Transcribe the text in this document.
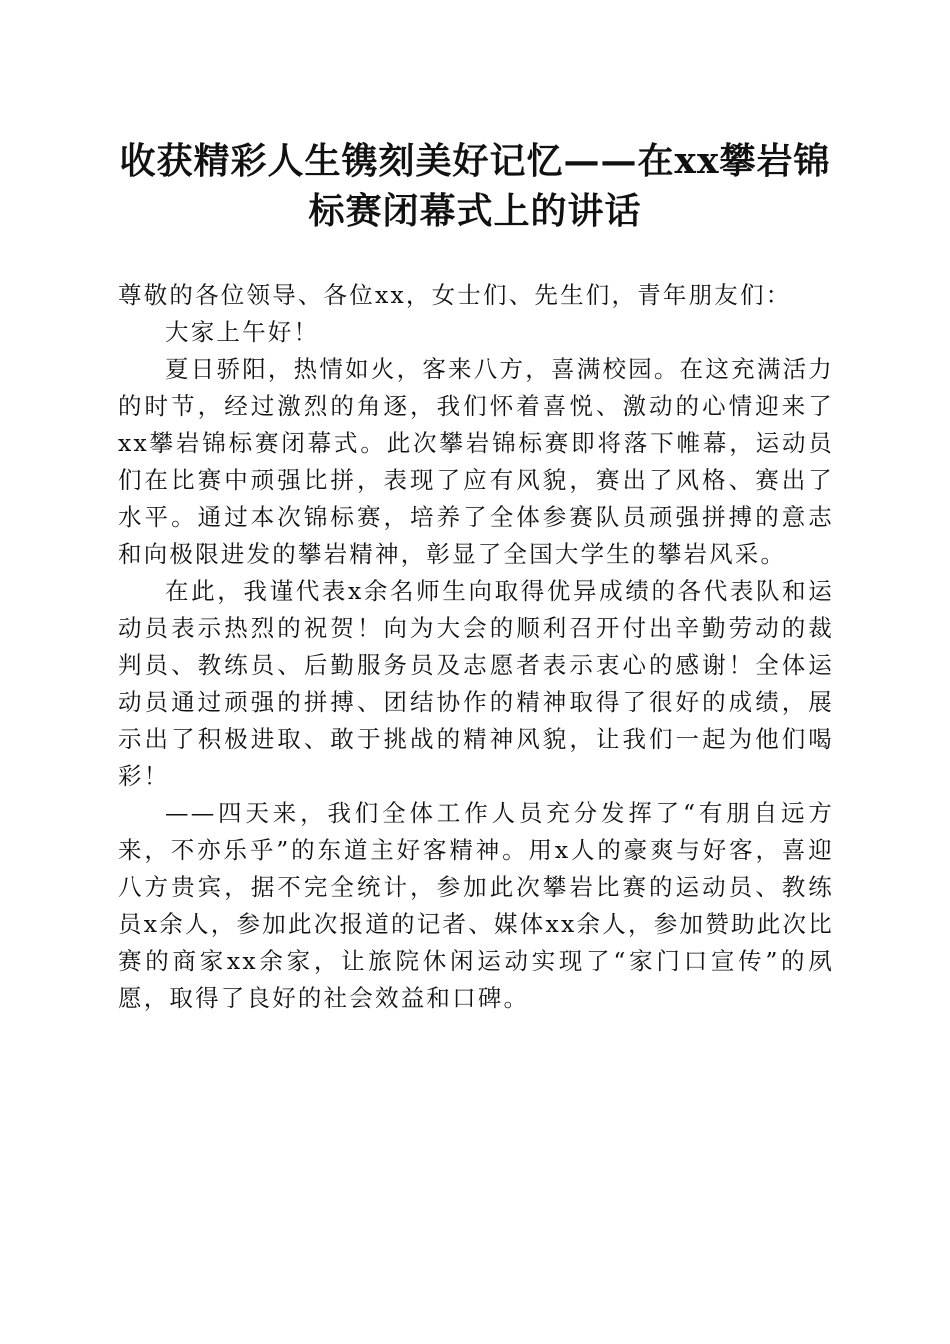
收获精彩人生镌刻美好记忆——在xx攀岩锦
标赛闭幕式上的讲话

尊敬的各位领导、各位xx，女士们、先生们，青年朋友们：

大家上午好！

夏日骄阳，热情如火，客来八方，喜满校园。在这充满活力的时节，经过激烈的角逐，我们怀着喜悦、激动的心情迎来了xx攀岩锦标赛闭幕式。此次攀岩锦标赛即将落下帷幕，运动员们在比赛中顽强比拼，表现了应有风貌，赛出了风格、赛出了水平。通过本次锦标赛，培养了全体参赛队员顽强拼搏的意志和向极限进发的攀岩精神，彰显了全国大学生的攀岩风采。

在此，我谨代表x余名师生向取得优异成绩的各代表队和运动员表示热烈的祝贺！向为大会的顺利召开付出辛勤劳动的裁判员、教练员、后勤服务员及志愿者表示衷心的感谢！全体运动员通过顽强的拼搏、团结协作的精神取得了很好的成绩，展示出了积极进取、敢于挑战的精神风貌，让我们一起为他们喝彩！

——四天来，我们全体工作人员充分发挥了“有朋自远方来，不亦乐乎”的东道主好客精神。用x人的豪爽与好客，喜迎八方贵宾，据不完全统计，参加此次攀岩比赛的运动员、教练员x余人，参加此次报道的记者、媒体xx余人，参加赞助此次比赛的商家xx余家，让旅院休闲运动实现了“家门口宣传”的夙愿，取得了良好的社会效益和口碑。
